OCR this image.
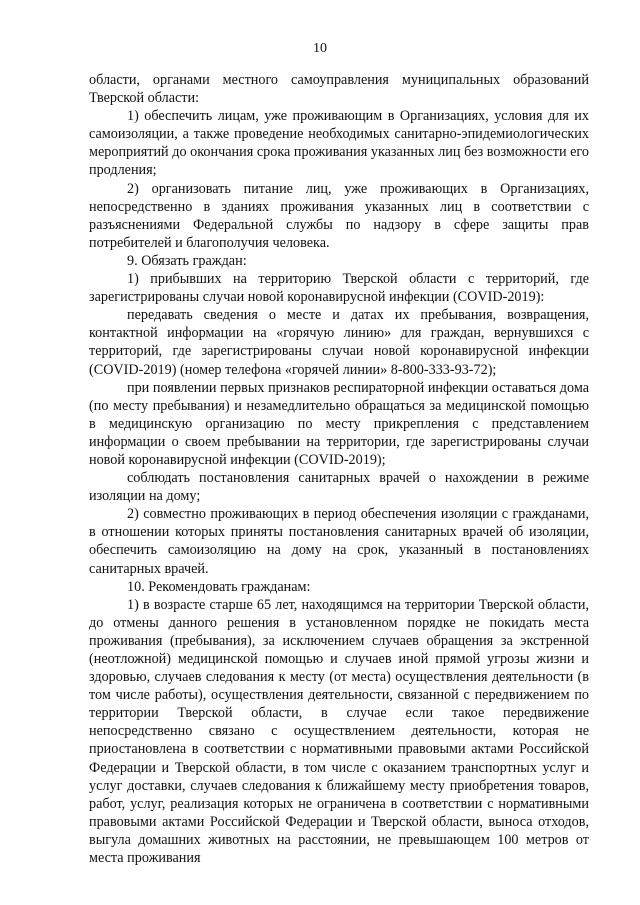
10

области, органами местного самоуправления муниципальных образований Тверской области:

1) обеспечить лицам, уже проживающим в Организациях, условия для их самоизоляции, а также проведение необходимых санитарно-эпидемиологических мероприятий до окончания срока проживания указанных лиц без возможности его продления;

2) организовать питание лиц, уже проживающих в Организациях, непосредственно в зданиях проживания указанных лиц в соответствии с разъяснениями Федеральной службы по надзору в сфере защиты прав потребителей и благополучия человека.

9. Обязать граждан:

1) прибывших на территорию Тверской области с территорий, где зарегистрированы случаи новой коронавирусной инфекции (COVID-2019):

передавать сведения о месте и датах их пребывания, возвращения, контактной информации на «горячую линию» для граждан, вернувшихся с территорий, где зарегистрированы случаи новой коронавирусной инфекции (COVID-2019) (номер телефона «горячей линии» 8-800-333-93-72);

при появлении первых признаков респираторной инфекции оставаться дома (по месту пребывания) и незамедлительно обращаться за медицинской помощью в медицинскую организацию по месту прикрепления с представлением информации о своем пребывании на территории, где зарегистрированы случаи новой коронавирусной инфекции (COVID-2019);

соблюдать постановления санитарных врачей о нахождении в режиме изоляции на дому;

2) совместно проживающих в период обеспечения изоляции с гражданами, в отношении которых приняты постановления санитарных врачей об изоляции, обеспечить самоизоляцию на дому на срок, указанный в постановлениях санитарных врачей.

10. Рекомендовать гражданам:

1) в возрасте старше 65 лет, находящимся на территории Тверской области, до отмены данного решения в установленном порядке не покидать места проживания (пребывания), за исключением случаев обращения за экстренной (неотложной) медицинской помощью и случаев иной прямой угрозы жизни и здоровью, случаев следования к месту (от места) осуществления деятельности (в том числе работы), осуществления деятельности, связанной с передвижением по территории Тверской области, в случае если такое передвижение непосредственно связано с осуществлением деятельности, которая не приостановлена в соответствии с нормативными правовыми актами Российской Федерации и Тверской области, в том числе с оказанием транспортных услуг и услуг доставки, случаев следования к ближайшему месту приобретения товаров, работ, услуг, реализация которых не ограничена в соответствии с нормативными правовыми актами Российской Федерации и Тверской области, выноса отходов, выгула домашних животных на расстоянии, не превышающем 100 метров от места проживания
